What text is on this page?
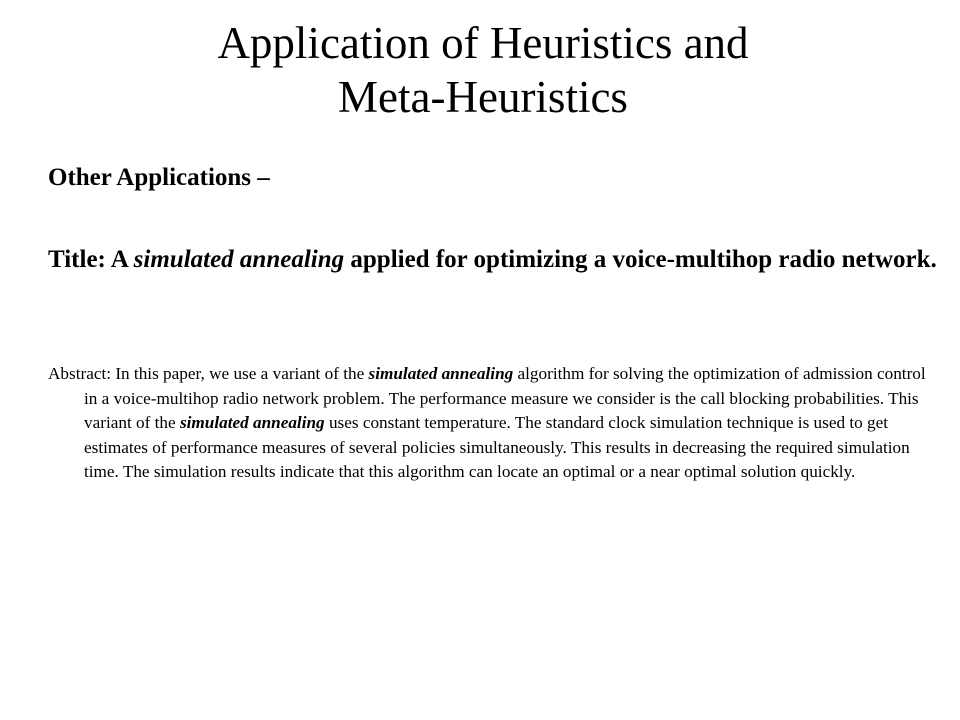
Application of Heuristics and
Meta-Heuristics

Other Applications –

Title: A simulated annealing applied for optimizing a voice-multihop radio network.

Abstract: In this paper, we use a variant of the simulated annealing algorithm for solving the optimization of admission control in a voice-multihop radio network problem. The performance measure we consider is the call blocking probabilities. This variant of the simulated annealing uses constant temperature. The standard clock simulation technique is used to get estimates of performance measures of several policies simultaneously. This results in decreasing the required simulation time. The simulation results indicate that this algorithm can locate an optimal or a near optimal solution quickly.
